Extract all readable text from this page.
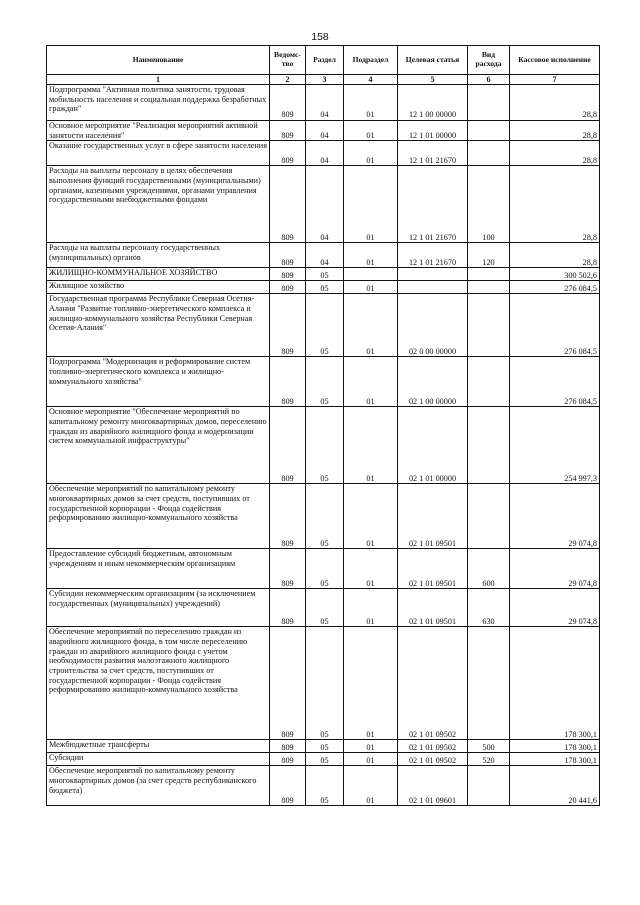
158
Наименование	Ведомс-тво	Раздел	Подраздел	Целевая статья	Вид расхода	Кассовое исполнение
1	2	3	4	5	6	7
Подпрограмма "Активная политика занятости, трудовая мобильность населения и социальная поддержка безработных граждан"	809	04	01	12 1 00 00000		28,8
Основное мероприятие "Реализация мероприятий активной занятости населения"	809	04	01	12 1 01 00000		28,8
Оказание государственных услуг в сфере занятости населения	809	04	01	12 1 01 21670		28,8
Расходы на выплаты персоналу в целях обеспечения выполнения функций государственными (муниципальными) органами, казенными учреждениями, органами управления государственными внебюджетными фондами	809	04	01	12 1 01 21670	100	28,8
Расходы на выплаты персоналу государственных (муниципальных) органов	809	04	01	12 1 01 21670	120	28,8
ЖИЛИЩНО-КОММУНАЛЬНОЕ ХОЗЯЙСТВО	809	05				300 502,6
Жилищное хозяйство	809	05	01			276 084,5
Государственная программа Республики Северная Осетия-Алания "Развитие топливно-энергетического комплекса и жилищно-коммунального хозяйства Республики Северная Осетия-Алания"	809	05	01	02 0 00 00000		276 084,5
Подпрограмма "Модернизация и реформирование систем топливно-энергетического комплекса и жилищно-коммунального хозяйства"	809	05	01	02 1 00 00000		276 084,5
Основное мероприятие "Обеспечение мероприятий по капитальному ремонту многоквартирных домов, переселению граждан из аварийного жилищного фонда и модернизации систем коммунальной инфраструктуры"	809	05	01	02 1 01 00000		254 997,3
Обеспечение мероприятий по капитальному ремонту многоквартирных домов за счет средств, поступивших от государственной корпорации - Фонда содействия реформированию жилищно-коммунального хозяйства	809	05	01	02 1 01 09501		29 074,8
Предоставление субсидий бюджетным, автономным учреждениям и иным некоммерческим организациям	809	05	01	02 1 01 09501	600	29 074,8
Субсидии некоммерческим организациям (за исключением государственных (муниципальных) учреждений)	809	05	01	02 1 01 09501	630	29 074,8
Обеспечение мероприятий по переселению граждан из аварийного жилищного фонда, в том числе переселению граждан из аварийного жилищного фонда с учетом необходимости развития малоэтажного жилищного строительства за счет средств, поступивших от государственной корпорации - Фонда содействия реформированию жилищно-коммунального хозяйства	809	05	01	02 1 01 09502		178 300,1
Межбюджетные трансферты	809	05	01	02 1 01 09502	500	178 300,1
Субсидии	809	05	01	02 1 01 09502	520	178 300,1
Обеспечение мероприятий по капитальному ремонту многоквартирных домов (за счет средств республиканского бюджета)	809	05	01	02 1 01 09601		20 441,6
